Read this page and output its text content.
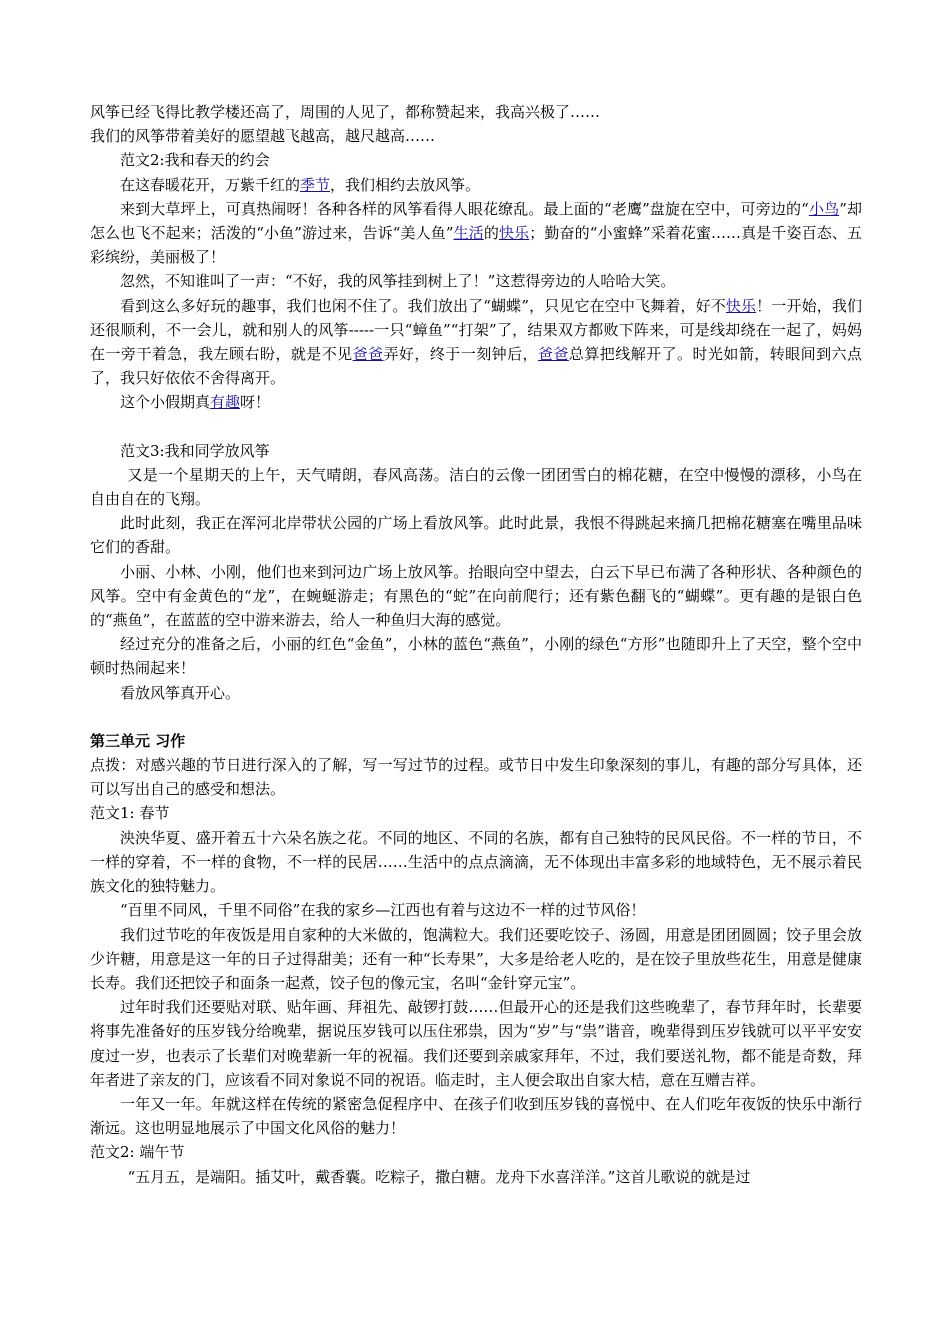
风筝已经飞得比教学楼还高了，周围的人见了，都称赞起来，我高兴极了……

我们的风筝带着美好的愿望越飞越高，越尺越高……

范文2:我和春天的约会

在这春暖花开，万紫千红的季节，我们相约去放风筝。

来到大草坪上，可真热闹呀！各种各样的风筝看得人眼花缭乱。最上面的“老鹰”盘旋在空中，可旁边的“小鸟”却怎么也飞不起来；活泼的“小鱼”游过来，告诉“美人鱼”生活的快乐；勤奋的“小蜜蜂”采着花蜜……真是千姿百态、五彩缤纷，美丽极了！

忽然，不知谁叫了一声：“不好，我的风筝挂到树上了！”这惹得旁边的人哈哈大笑。

看到这么多好玩的趣事，我们也闲不住了。我们放出了“蝴蝶”，只见它在空中飞舞着，好不快乐！一开始，我们还很顺利，不一会儿，就和别人的风筝-----一只“蟑鱼”“打架”了，结果双方都败下阵来，可是线却绕在一起了，妈妈在一旁干着急，我左顾右盼，就是不见爸爸弄好，终于一刻钟后，爸爸总算把线解开了。时光如箭，转眼间到六点了，我只好依依不舍得离开。

这个小假期真有趣呀！

范文3:我和同学放风筝

又是一个星期天的上午，天气晴朗，春风高荡。洁白的云像一团团雪白的棉花糖，在空中慢慢的漂移，小鸟在自由自在的飞翔。

此时此刻，我正在浑河北岸带状公园的广场上看放风筝。此时此景，我恨不得跳起来摘几把棉花糖塞在嘴里品味它们的香甜。

小丽、小林、小刚，他们也来到河边广场上放风筝。抬眼向空中望去，白云下早已布满了各种形状、各种颜色的风筝。空中有金黄色的“龙”，在蜿蜒游走；有黑色的“蛇”在向前爬行；还有紫色翻飞的“蝴蝶”。更有趣的是银白色的“燕鱼”，在蓝蓝的空中游来游去，给人一种鱼归大海的感觉。

经过充分的准备之后，小丽的红色“金鱼”，小林的蓝色“燕鱼”，小刚的绿色“方形”也随即升上了天空，整个空中顿时热闹起来！

看放风筝真开心。

第三单元 习作

点拨：对感兴趣的节日进行深入的了解，写一写过节的过程。或节日中发生印象深刻的事儿，有趣的部分写具体，还可以写出自己的感受和想法。

范文1: 春节

泱泱华夏、盛开着五十六朵名族之花。不同的地区、不同的名族，都有自己独特的民风民俗。不一样的节日，不一样的穿着，不一样的食物，不一样的民居……生活中的点点滴滴，无不体现出丰富多彩的地域特色，无不展示着民族文化的独特魅力。

“百里不同风，千里不同俗”在我的家乡—江西也有着与这边不一样的过节风俗！

我们过节吃的年夜饭是用自家种的大米做的，饱满粒大。我们还要吃饺子、汤圆，用意是团团圆圆；饺子里会放少许糖，用意是这一年的日子过得甜美；还有一种“长寿果”，大多是给老人吃的，是在饺子里放些花生，用意是健康长寿。我们还把饺子和面条一起煮，饺子包的像元宝，名叫“金针穿元宝”。

过年时我们还要贴对联、贴年画、拜祖先、敲锣打鼓……但最开心的还是我们这些晚辈了，春节拜年时，长辈要将事先准备好的压岁钱分给晚辈，据说压岁钱可以压住邪祟，因为“岁”与“祟”谐音，晚辈得到压岁钱就可以平平安安度过一岁，也表示了长辈们对晚辈新一年的祝福。我们还要到亲戚家拜年，不过，我们要送礼物，都不能是奇数，拜年者进了亲友的门，应该看不同对象说不同的祝语。临走时，主人便会取出自家大桔，意在互赠吉祥。

一年又一年。年就这样在传统的紧密急促程序中、在孩子们收到压岁钱的喜悦中、在人们吃年夜饭的快乐中渐行渐远。这也明显地展示了中国文化风俗的魅力！

范文2: 端午节

“五月五，是端阳。插艾叶，戴香囊。吃粽子，撒白糖。龙舟下水喜洋洋。”这首儿歌说的就是过
